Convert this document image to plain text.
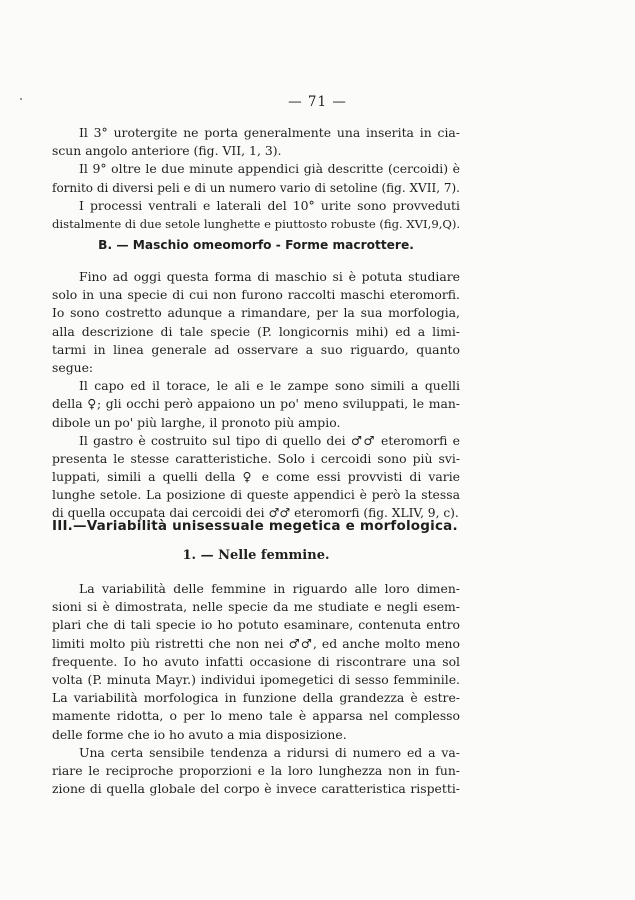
— 71 —
Il 3° urotergite ne porta generalmente una inserita in cia-
scun angolo anteriore (fig. VII, 1, 3).
Il 9° oltre le due minute appendici già descritte (cercoidi) è
fornito di diversi peli e di un numero vario di setoline (fig. XVII, 7).
I processi ventrali e laterali del 10° urite sono provveduti
distalmente di due setole lunghette e piuttosto robuste (fig. XVI,9,Q).
B. — Maschio omeomorfo - Forme macrottere.
Fino ad oggi questa forma di maschio si è potuta studiare
solo in una specie di cui non furono raccolti maschi eteromorfi.
Io sono costretto adunque a rimandare, per la sua morfologia,
alla descrizione di tale specie (P. longicornis mihi) ed a limi-
tarmi in linea generale ad osservare a suo riguardo, quanto
segue:
Il capo ed il torace, le ali e le zampe sono simili a quelli
della ♀; gli occhi però appaiono un po' meno sviluppati, le man-
dibole un po' più larghe, il pronoto più ampio.
Il gastro è costruito sul tipo di quello dei ♂♂ eteromorfi e
presenta le stesse caratteristiche. Solo i cercoidi sono più svi-
luppati, simili a quelli della ♀ e come essi provvisti di varie
lunghe setole. La posizione di queste appendici è però la stessa
di quella occupata dai cercoidi dei ♂♂ eteromorfi (fig. XLIV, 9, c).
III.—Variabilità unisessuale megetica e morfologica.
1. — Nelle femmine.
La variabilità delle femmine in riguardo alle loro dimen-
sioni si è dimostrata, nelle specie da me studiate e negli esem-
plari che di tali specie io ho potuto esaminare, contenuta entro
limiti molto più ristretti che non nei ♂♂, ed anche molto meno
frequente. Io ho avuto infatti occasione di riscontrare una sol
volta (P. minuta Mayr.) individui ipomegetici di sesso femminile.
La variabilità morfologica in funzione della grandezza è estre-
mamente ridotta, o per lo meno tale è apparsa nel complesso
delle forme che io ho avuto a mia disposizione.
Una certa sensibile tendenza a ridursi di numero ed a va-
riare le reciproche proporzioni e la loro lunghezza non in fun-
zione di quella globale del corpo è invece caratteristica rispetti-
